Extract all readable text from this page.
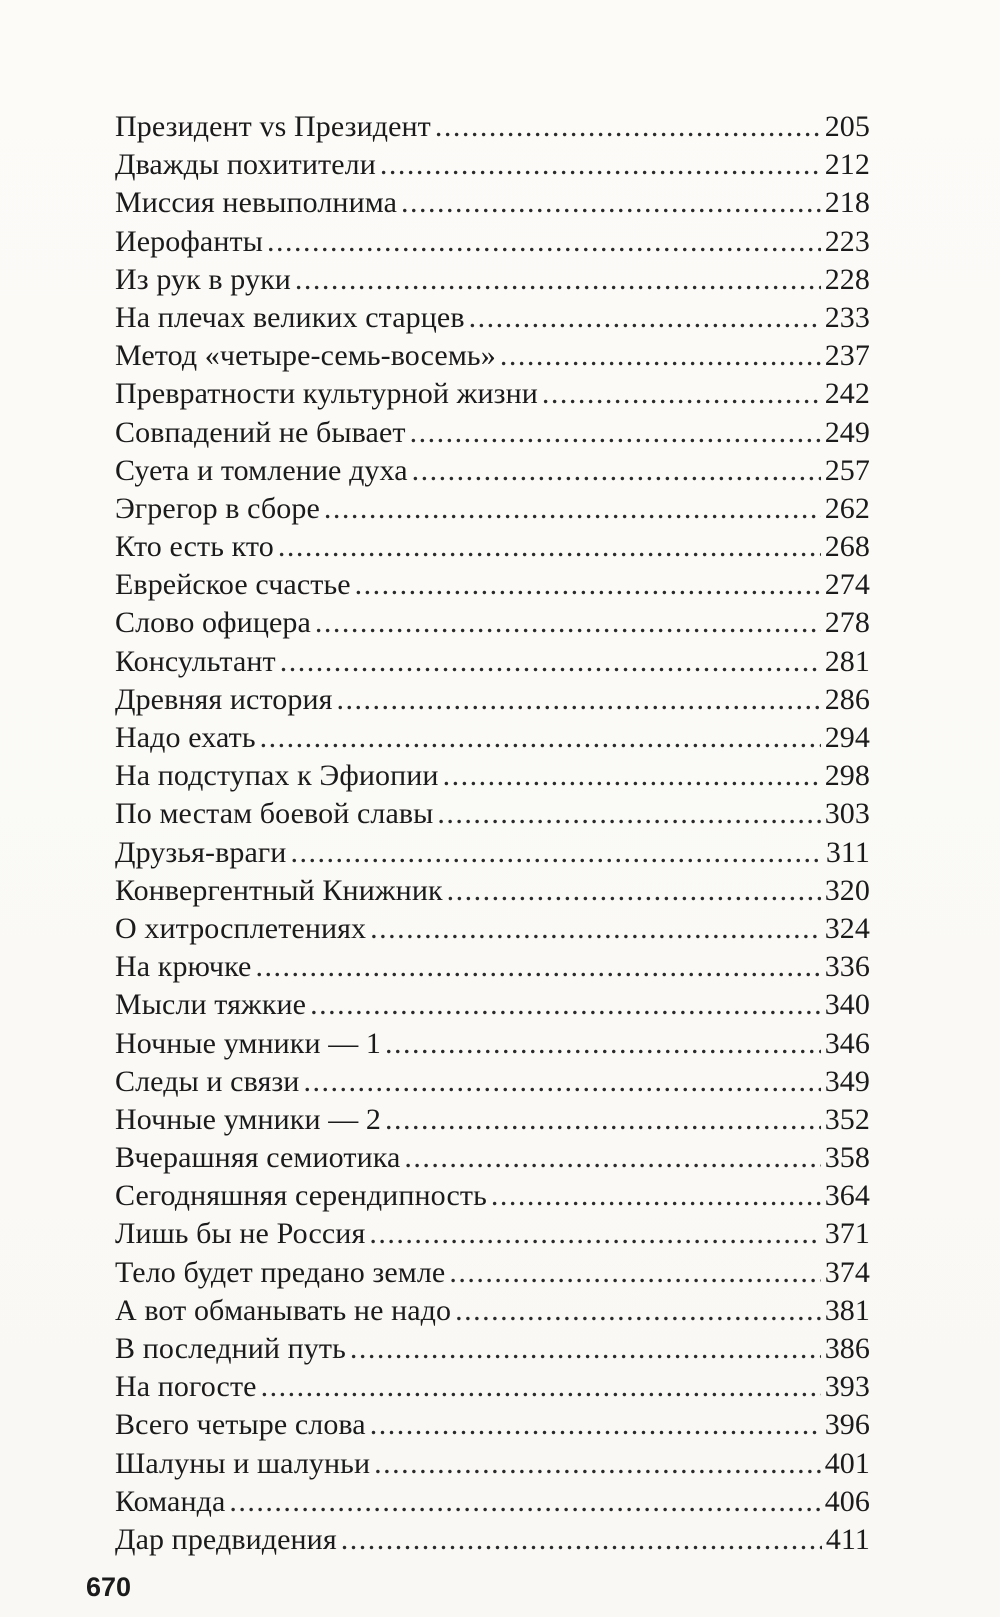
Президент vs Президент .....	205
Дважды похитители .....	212
Миссия невыполнима .....	218
Иерофанты .....	223
Из рук в руки .....	228
На плечах великих старцев .....	233
Метод «четыре-семь-восемь» .....	237
Превратности культурной жизни .....	242
Совпадений не бывает .....	249
Суета и томление духа .....	257
Эгрегор в сборе .....	262
Кто есть кто .....	268
Еврейское счастье .....	274
Слово офицера .....	278
Консультант .....	281
Древняя история .....	286
Надо ехать .....	294
На подступах к Эфиопии .....	298
По местам боевой славы .....	303
Друзья-враги .....	311
Конвергентный Книжник .....	320
О хитросплетениях .....	324
На крючке .....	336
Мысли тяжкие .....	340
Ночные умники — 1 .....	346
Следы и связи .....	349
Ночные умники — 2 .....	352
Вчерашняя семиотика .....	358
Сегодняшняя серендипность .....	364
Лишь бы не Россия .....	371
Тело будет предано земле .....	374
А вот обманывать не надо .....	381
В последний путь .....	386
На погосте .....	393
Всего четыре слова .....	396
Шалуны и шалуньи .....	401
Команда .....	406
Дар предвидения .....	411
670
